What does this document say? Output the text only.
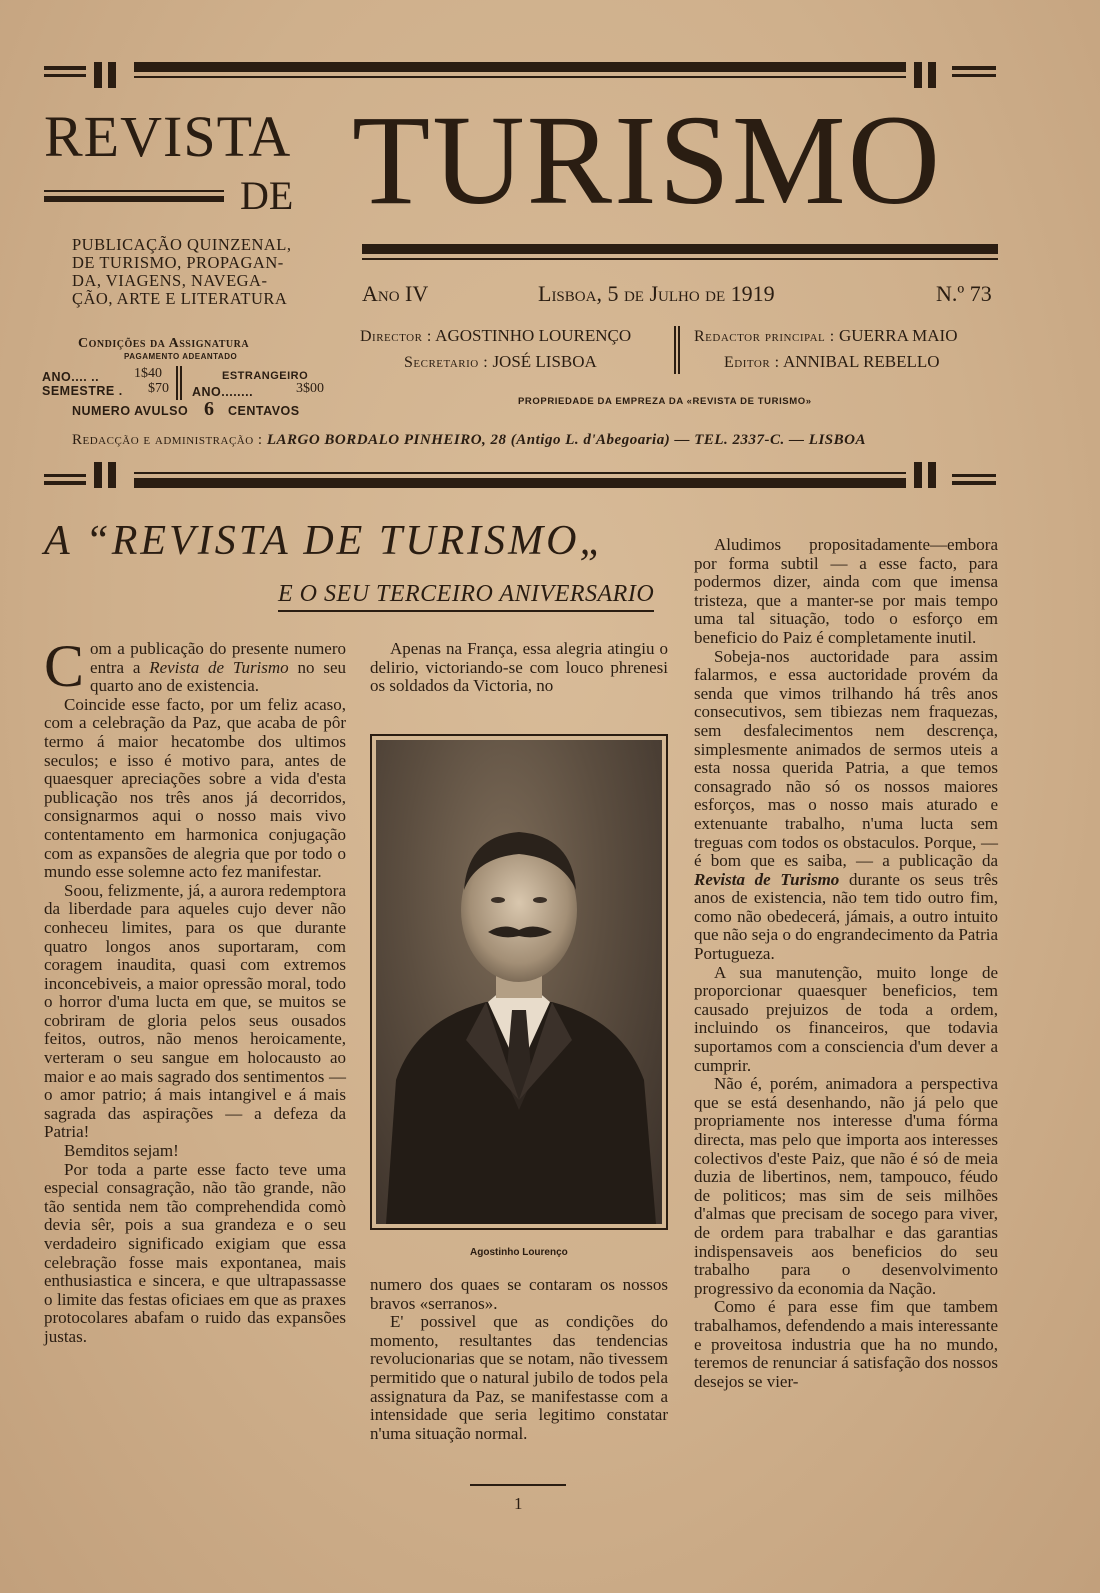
REVISTA
DE TURISMO
PUBLICAÇÃO QUINZENAL,
DE TURISMO, PROPAGAN-
DA, VIAGENS, NAVEGA-
ÇÃO, ARTE E LITERATURA	Ano IV	Lisboa, 5 de Julho de 1919	N.º 73
Condições da Assignatura
PAGAMENTO ADEANTADO
ANO.... .. 1$40
SEMESTRE . $70
ESTRANGEIRO
ANO........	3$00
NUMERO AVULSO 6 CENTAVOS
Director : AGOSTINHO LOURENÇO
Secretario : JOSÉ LISBOA
Redactor principal : GUERRA MAIO
Editor : ANNIBAL REBELLO
PROPRIEDADE DA EMPREZA DA «REVISTA DE TURISMO»
Redacção e administração : LARGO BORDALO PINHEIRO, 28 (Antigo L. d'Abegoaria) — TEL. 2337-C. — LISBOA
A “REVISTA DE TURISMO„
E O SEU TERCEIRO ANIVERSARIO

Com a publicação do presente numero entra a Revista de Turismo no seu quarto ano de existencia.

Coincide esse facto, por um feliz acaso, com a celebração da Paz, que acaba de pôr termo á maior hecatombe dos ultimos seculos; e isso é motivo para, antes de quaesquer apreciações sobre a vida d'esta publicação nos três anos já decorridos, consignarmos aqui o nosso mais vivo contentamento em harmonica conjugação com as expansões de alegria que por todo o mundo esse solemne acto fez manifestar.

Soou, felizmente, já, a aurora redemptora da liberdade para aqueles cujo dever não conheceu limites, para os que durante quatro longos anos suportaram, com coragem inaudita, quasi com extremos inconcebiveis, a maior opressão moral, todo o horror d'uma lucta em que, se muitos se cobriram de gloria pelos seus ousados feitos, outros, não menos heroicamente, verteram o seu sangue em holocausto ao maior e ao mais sagrado dos sentimentos — o amor patrio; á mais intangivel e á mais sagrada das aspirações — a defeza da Patria!

Bemditos sejam!

Por toda a parte esse facto teve uma especial consagração, não tão grande, não tão sentida nem tão comprehendida comò devia sêr, pois a sua grandeza e o seu verdadeiro significado exigiam que essa celebração fosse mais expontanea, mais enthusiastica e sincera, e que ultrapassasse o limite das festas oficiaes em que as praxes protocolares abafam o ruido das expansões justas.

Apenas na França, essa alegria atingiu o delirio, victoriando-se com louco phrenesi os soldados da Victoria, no

Agostinho Lourenço

numero dos quaes se contaram os nossos bravos «serranos».

E' possivel que as condições do momento, resultantes das tendencias revolucionarias que se notam, não tivessem permitido que o natural jubilo de todos pela assignatura da Paz, se manifestasse com a intensidade que seria legitimo constatar n'uma situação normal.

Aludimos propositadamente—embora por forma subtil — a esse facto, para podermos dizer, ainda com que imensa tristeza, que a manter-se por mais tempo uma tal situação, todo o esforço em beneficio do Paiz é completamente inutil.

Sobeja-nos auctoridade para assim falarmos, e essa auctoridade provém da senda que vimos trilhando há três anos consecutivos, sem tibiezas nem fraquezas, sem desfalecimentos nem descrença, simplesmente animados de sermos uteis a esta nossa querida Patria, a que temos consagrado não só os nossos maiores esforços, mas o nosso mais aturado e extenuante trabalho, n'uma lucta sem treguas com todos os obstaculos. Porque, — é bom que es saiba, — a publicação da Revista de Turismo durante os seus três anos de existencia, não tem tido outro fim, como não obedecerá, jámais, a outro intuito que não seja o do engrandecimento da Patria Portugueza.

A sua manutenção, muito longe de proporcionar quaesquer beneficios, tem causado prejuizos de toda a ordem, incluindo os financeiros, que todavia suportamos com a consciencia d'um dever a cumprir.

Não é, porém, animadora a perspectiva que se está desenhando, não já pelo que propriamente nos interesse d'uma fórma directa, mas pelo que importa aos interesses colectivos d'este Paiz, que não é só de meia duzia de libertinos, nem, tampouco, féudo de politicos; mas sim de seis milhões d'almas que precisam de socego para viver, de ordem para trabalhar e das garantias indispensaveis aos beneficios do seu trabalho para o desenvolvimento progressivo da economia da Nação.

Como é para esse fim que tambem trabalhamos, defendendo a mais interessante e proveitosa industria que ha no mundo, teremos de renunciar á satisfação dos nossos desejos se vier-

1
